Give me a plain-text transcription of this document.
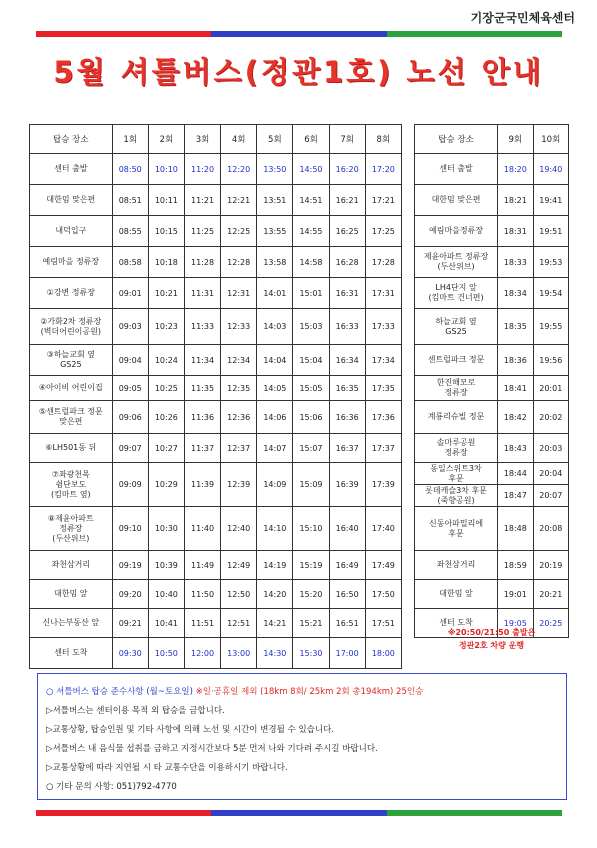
기장군국민체육센터
5월 셔틀버스(정관1호) 노선 안내
탑승 장소	1회	2회	3회	4회	5회	6회	7회	8회

센터 출발	08:50	10:10	11:20	12:20	13:50	14:50	16:20	17:20

대한밈 맞은편	08:51	10:11	11:21	12:21	13:51	14:51	16:21	17:21

내덕입구	08:55	10:15	11:25	12:25	13:55	14:55	16:25	17:25

예림마을 정류장	08:58	10:18	11:28	12:28	13:58	14:58	16:28	17:28

①강변 정류장	09:01	10:21	11:31	12:31	14:01	15:01	16:31	17:31

②가화2차 정류장
(벽더어린이공원)	09:03	10:23	11:33	12:33	14:03	15:03	16:33	17:33

③하늘교회 옆
GS25	09:04	10:24	11:34	12:34	14:04	15:04	16:34	17:34

④아이비 어린이집	09:05	10:25	11:35	12:35	14:05	15:05	16:35	17:35

⑤센트럴파크 정문
맞은편	09:06	10:26	11:36	12:36	14:06	15:06	16:36	17:36

⑥LH501동 뒤	09:07	10:27	11:37	12:37	14:07	15:07	16:37	17:37

⑦좌광천목
쉼단보도
(킴마트 옆)	09:09	10:29	11:39	12:39	14:09	15:09	16:39	17:39

⑧제윤아파트
정류장
(두산위브)	09:10	10:30	11:40	12:40	14:10	15:10	16:40	17:40

좌천삼거리	09:19	10:39	11:49	12:49	14:19	15:19	16:49	17:49

대한밈 앞	09:20	10:40	11:50	12:50	14:20	15:20	16:50	17:50

신나는부동산 앞	09:21	10:41	11:51	12:51	14:21	15:21	16:51	17:51

센터 도착	09:30	10:50	12:00	13:00	14:30	15:30	17:00	18:00
탑승 장소	9회	10회

센터 출발	18:20	19:40

대한밈 맞은편	18:21	19:41

예림마을정류장	18:31	19:51

제윤아파트 정류장
(두산위브)	18:33	19:53

LH4단지 앞
(킴마트 건너편)	18:34	19:54

하늘교회 옆
GS25	18:35	19:55

센트럴파크 정문	18:36	19:56

한진해모로
정류장	18:41	20:01

계룡리슈빌 정문	18:42	20:02

솔마루공원
정류장	18:43	20:03

동일스위트3차
후문	18:44	20:04

롯데캐슬3차 후문
(죽향공원)	18:47	20:07

신동아파밀리에
후문	18:48	20:08

좌천삼거리	18:59	20:19

대한밈 앞	19:01	20:21

센터 도착	19:05	20:25
※20:50/21:50 출발은
정관2호 차량 운행
○ 셔틀버스 탑승 준수사항 (월~토요일) ※일·공휴일 제외 (18km 8회/ 25km 2회 총194km) 25인승
▷셔틀버스는 센터이용 목적 외 탑승을 금합니다.
▷교통상황, 탑승인원 및 기타 사항에 의해 노선 및 시간이 변경될 수 있습니다.
▷셔틀버스 내 음식물 섭취를 금하고 지정시간보다 5분 먼저 나와 기다려 주시길 바랍니다.
▷교통상황에 따라 지연될 시 타 교통수단을 이용하시기 바랍니다.
○ 기타 문의 사항: 051)792-4770
